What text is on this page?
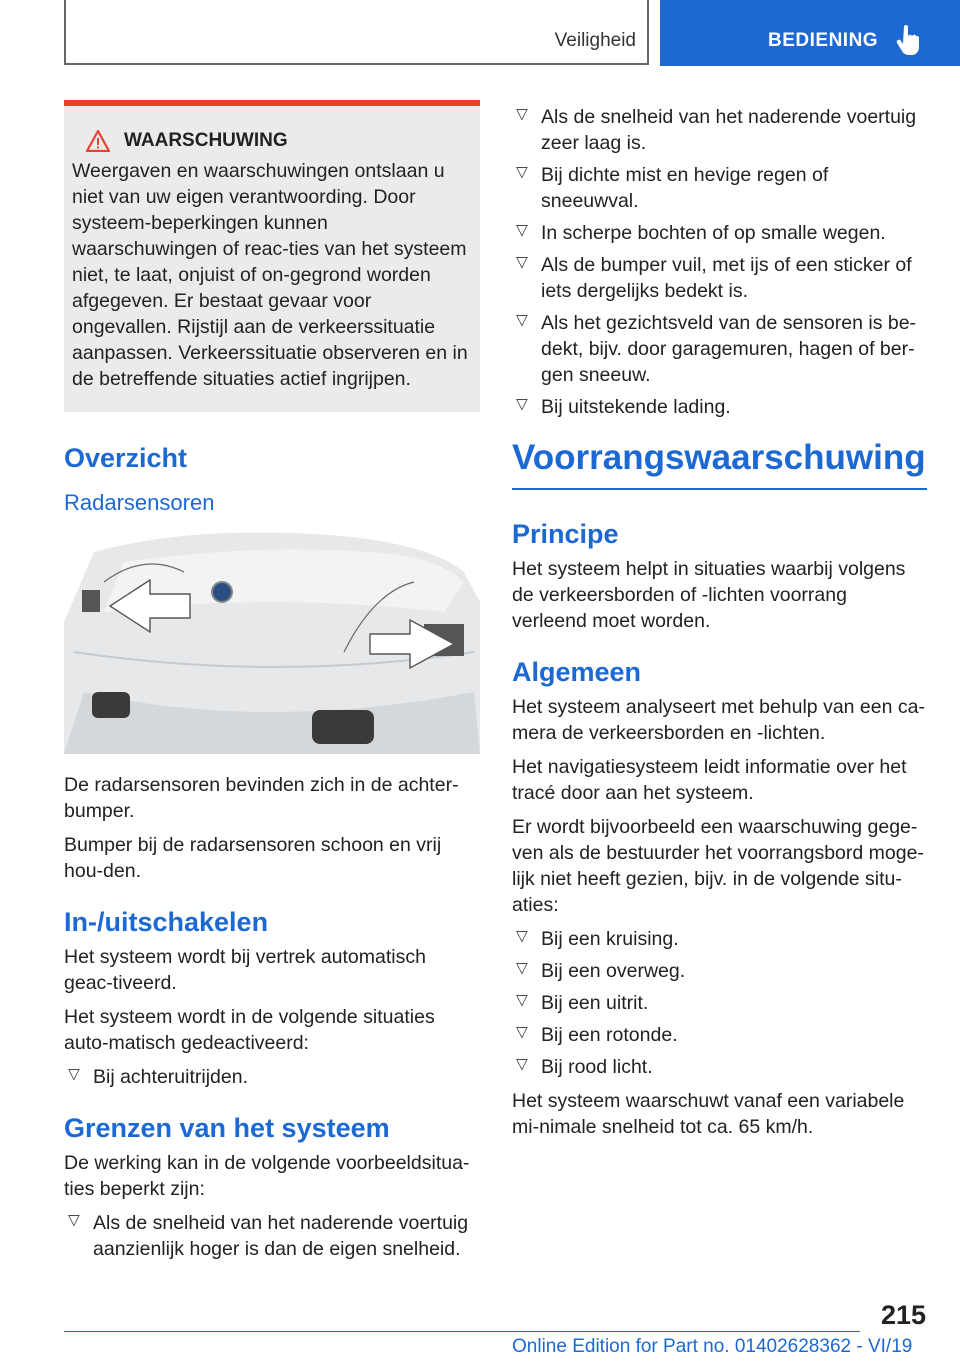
Veiligheid	BEDIENING
WAARSCHUWING

Weergaven en waarschuwingen ontslaan u niet van uw eigen verantwoording. Door systeem-beperkingen kunnen waarschuwingen of reac-ties van het systeem niet, te laat, onjuist of on-gegrond worden afgegeven. Er bestaat gevaar voor ongevallen. Rijstijl aan de verkeerssituatie aanpassen. Verkeerssituatie observeren en in de betreffende situaties actief ingrijpen.

Overzicht
Radarsensoren

De radarsensoren bevinden zich in de achter-bumper.

Bumper bij de radarsensoren schoon en vrij hou-den.

In-/uitschakelen

Het systeem wordt bij vertrek automatisch geac-tiveerd.

Het systeem wordt in de volgende situaties auto-matisch gedeactiveerd:

▷ Bij achteruitrijden.
Grenzen van het systeem

De werking kan in de volgende voorbeeldsitua-ties beperkt zijn:

▷ Als de snelheid van het naderende voertuig aanzienlijk hoger is dan de eigen snelheid.
▷ Als de snelheid van het naderende voertuig zeer laag is.
▷ Bij dichte mist en hevige regen of sneeuwval.
▷ In scherpe bochten of op smalle wegen.
▷ Als de bumper vuil, met ijs of een sticker of iets dergelijks bedekt is.
▷ Als het gezichtsveld van de sensoren is be-dekt, bijv. door garagemuren, hagen of ber-gen sneeuw.
▷ Bij uitstekende lading.
Voorrangswaarschuwing
Principe

Het systeem helpt in situaties waarbij volgens de verkeersborden of -lichten voorrang verleend moet worden.

Algemeen

Het systeem analyseert met behulp van een ca-mera de verkeersborden en -lichten.

Het navigatiesysteem leidt informatie over het tracé door aan het systeem.

Er wordt bijvoorbeeld een waarschuwing gege-ven als de bestuurder het voorrangsbord moge-lijk niet heeft gezien, bijv. in de volgende situ-aties:

▷ Bij een kruising.
▷ Bij een overweg.
▷ Bij een uitrit.
▷ Bij een rotonde.
▷ Bij rood licht.

Het systeem waarschuwt vanaf een variabele mi-nimale snelheid tot ca. 65 km/h.

215
Online Edition for Part no. 01402628362 - VI/19
